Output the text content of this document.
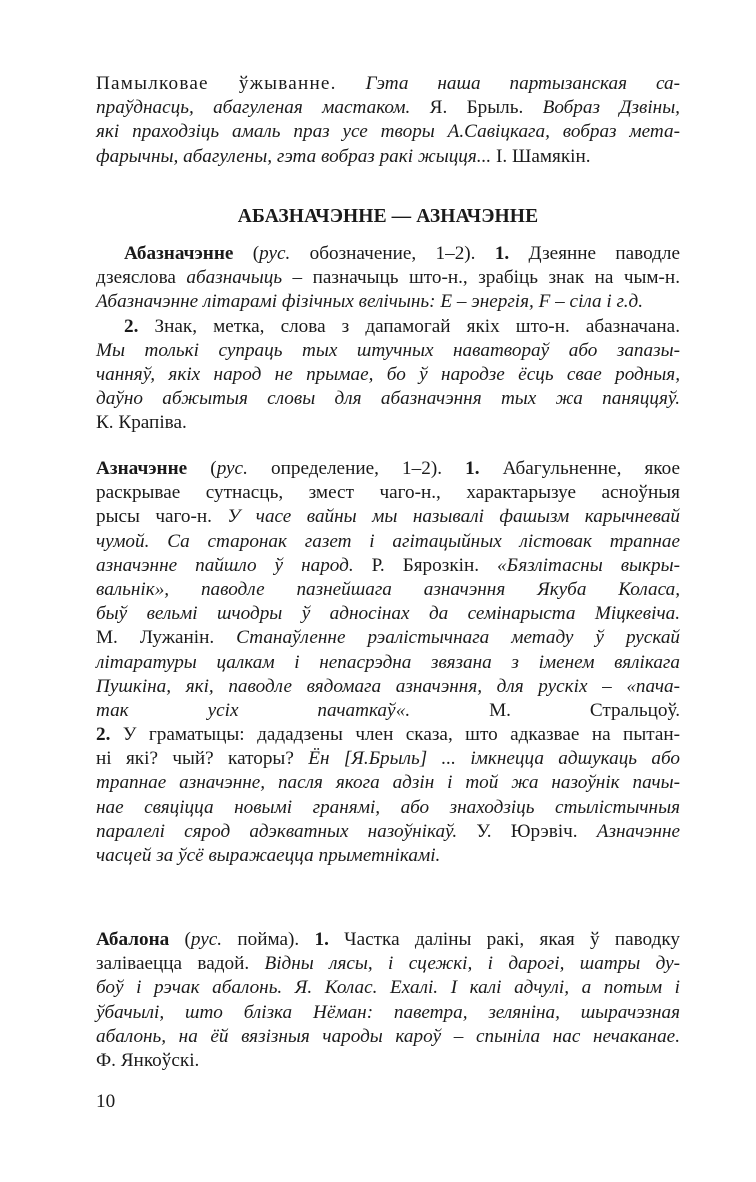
Памылковае ўжыванне. Гэта наша партызанская са-
праўднасць, абагуленая мастаком. Я. Брыль. Вобраз Дзвіны,
які праходзіць амаль праз усе творы А.Савіцкага, вобраз мета-
фарычны, абагулены, гэта вобраз ракі жыцця... І. Шамякін.

АБАЗНАЧЭННЕ — АЗНАЧЭННЕ

Абазначэнне (рус. обозначение, 1–2). 1. Дзеянне паводле
дзеяслова абазначыць – пазначыць што-н., зрабіць знак на чым-н.
Абазначэнне літарамі фізічных велічынь: Е – энергія, F – сіла і г.д.
2. Знак, метка, слова з дапамогай якіх што-н. абазначана.
Мы толькі супраць тых штучных наватвораў або запазы-
чанняў, якіх народ не прымае, бо ў народзе ёсць свае родныя,
даўно абжытыя словы для абазначэння тых жа паняццяў.
К. Крапіва.
Азначэнне (рус. определение, 1–2). 1. Абагульненне, якое
раскрывае сутнасць, змест чаго-н., характарызуе асноўныя
рысы чаго-н. У часе вайны мы называлі фашызм карычневай
чумой. Са старонак газет і агітацыйных лістовак трапнае
азначэнне пайшло ў народ. Р. Бярозкін. «Бязлітасны выкры-
вальнік», паводле пазнейшага азначэння Якуба Коласа,
быў вельмі шчодры ў адносінах да семінарыста Міцкевіча.
М. Лужанін. Станаўленне рэалістычнага метаду ў рускай
літаратуры цалкам і непасрэдна звязана з іменем вялікага
Пушкіна, які, паводле вядомага азначэння, для рускіх – «пача-
так усіх пачаткаў«. М. Стральцоў.
2. У граматыцы: дададзены член сказа, што адказвае на пытан-
ні які? чый? каторы? Ён [Я.Брыль] ... імкнецца адшукаць або
трапнае азначэнне, пасля якога адзін і той жа назоўнік пачы-
нае свяціцца новымі гранямі, або знаходзіць стылістычныя
паралелі сярод адэкватных назоўнікаў. У. Юрэвіч. Азначэнне
часцей за ўсё выражаецца прыметнікамі.

Абалона (рус. пойма). 1. Частка даліны ракі, якая ў паводку
заліваецца вадой. Відны лясы, і сцежкі, і дарогі, шатры ду-
боў і рэчак абалонь. Я. Колас. Ехалі. І калі адчулі, а потым і
ўбачылі, што блізка Нёман: паветра, зеляніна, шырачэзная
абалонь, на ёй вязізныя чароды кароў – спыніла нас нечаканае.
Ф. Янкоўскі.

10
